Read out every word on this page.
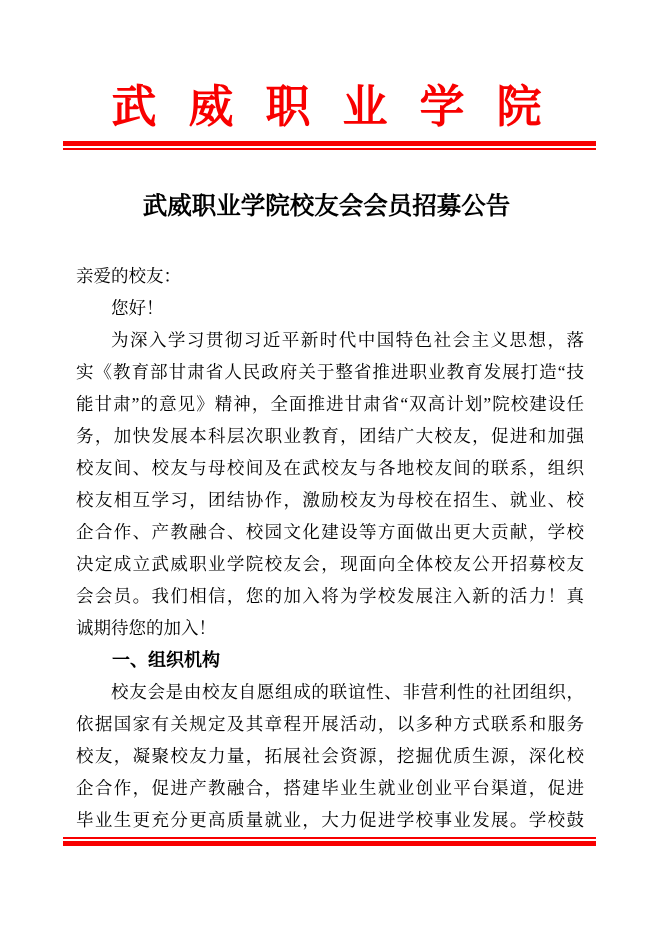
武威职业学院
武威职业学院校友会会员招募公告
亲爱的校友：
您好！
为深入学习贯彻习近平新时代中国特色社会主义思想，落
实《教育部甘肃省人民政府关于整省推进职业教育发展打造“技
能甘肃”的意见》精神，全面推进甘肃省“双高计划”院校建设任
务，加快发展本科层次职业教育，团结广大校友，促进和加强
校友间、校友与母校间及在武校友与各地校友间的联系，组织
校友相互学习，团结协作，激励校友为母校在招生、就业、校
企合作、产教融合、校园文化建设等方面做出更大贡献，学校
决定成立武威职业学院校友会，现面向全体校友公开招募校友
会会员。我们相信，您的加入将为学校发展注入新的活力！真
诚期待您的加入！
一、组织机构
校友会是由校友自愿组成的联谊性、非营利性的社团组织，
依据国家有关规定及其章程开展活动，以多种方式联系和服务
校友，凝聚校友力量，拓展社会资源，挖掘优质生源，深化校
企合作，促进产教融合，搭建毕业生就业创业平台渠道，促进
毕业生更充分更高质量就业，大力促进学校事业发展。学校鼓
